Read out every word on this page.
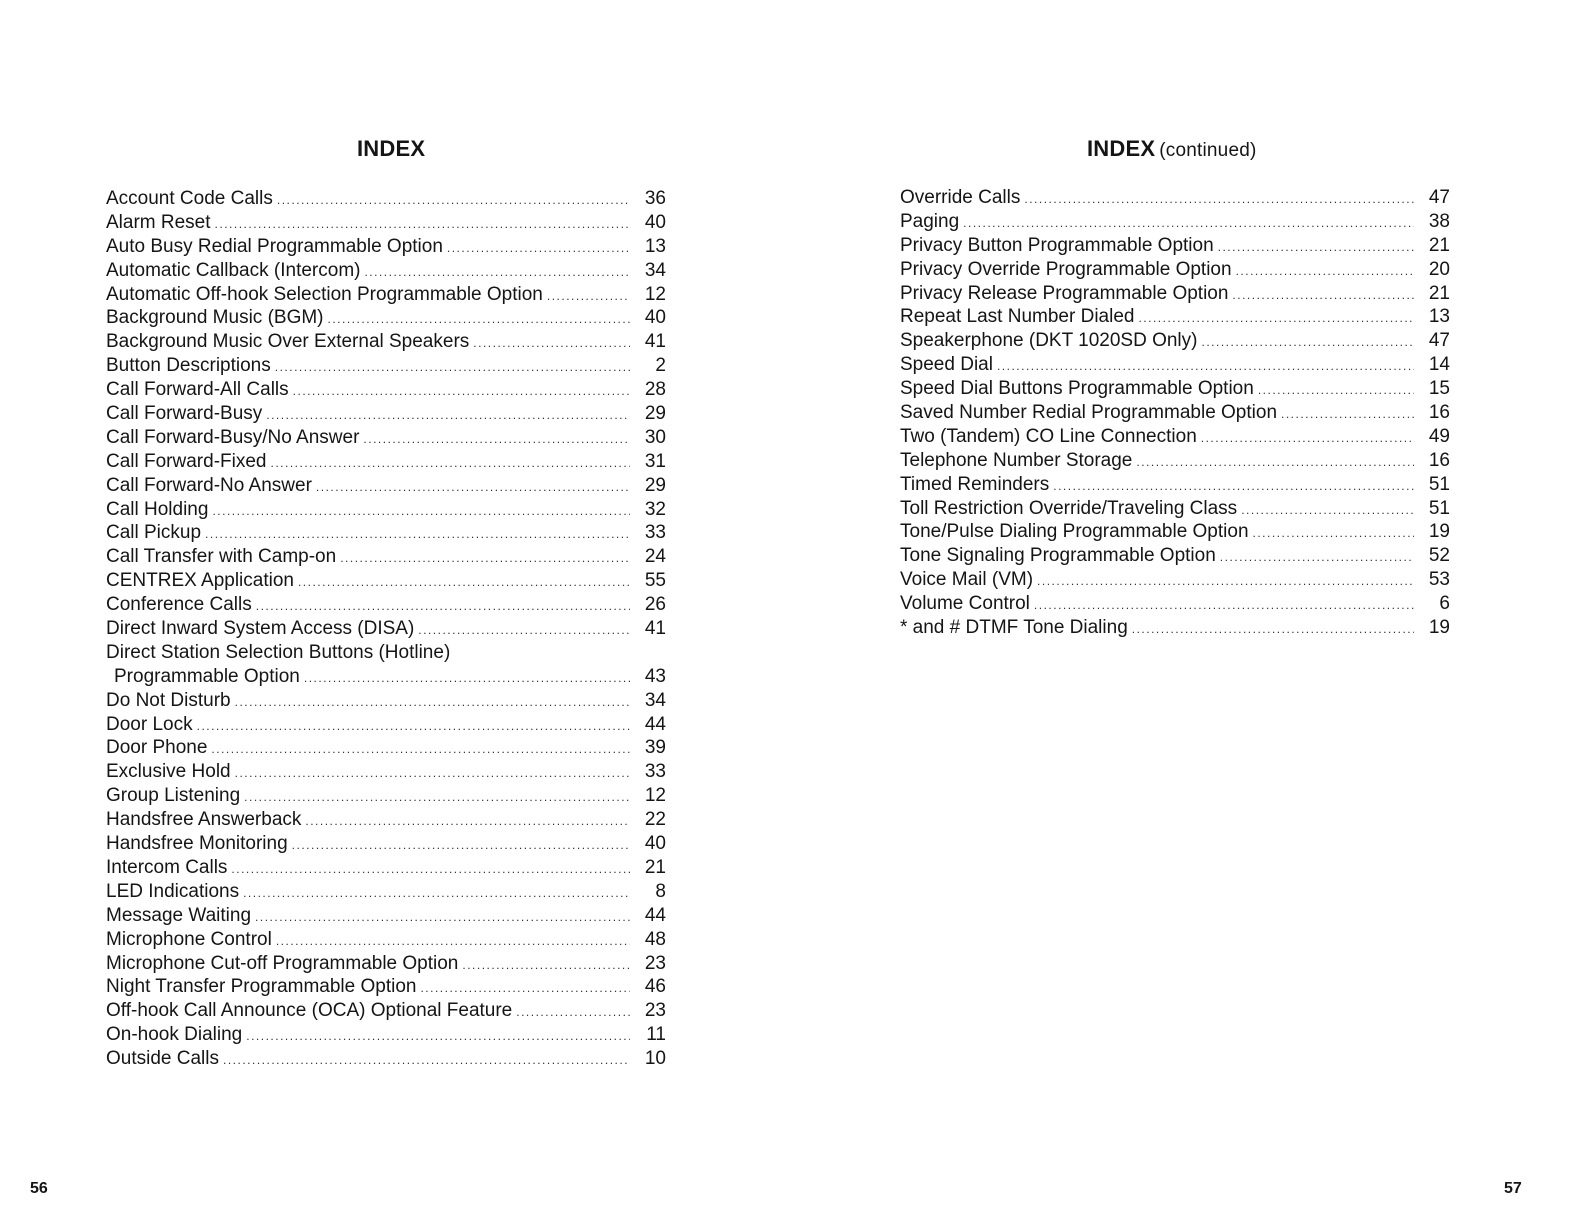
INDEX
Account Code Calls .....	36
Alarm Reset .....	40
Auto Busy Redial Programmable Option .....	13
Automatic Callback (Intercom) .....	34
Automatic Off-hook Selection Programmable Option .....	12
Background Music (BGM) .....	40
Background Music Over External Speakers .....	41
Button Descriptions .....	2
Call Forward-All Calls .....	28
Call Forward-Busy .....	29
Call Forward-Busy/No Answer .....	30
Call Forward-Fixed .....	31
Call Forward-No Answer .....	29
Call Holding .....	32
Call Pickup .....	33
Call Transfer with Camp-on .....	24
CENTREX Application .....	55
Conference Calls .....	26
Direct Inward System Access (DISA) .....	41
Direct Station Selection Buttons (Hotline)
Programmable Option .....	43
Do Not Disturb .....	34
Door Lock .....	44
Door Phone .....	39
Exclusive Hold .....	33
Group Listening .....	12
Handsfree Answerback .....	22
Handsfree Monitoring .....	40
Intercom Calls .....	21
LED Indications .....	8
Message Waiting .....	44
Microphone Control .....	48
Microphone Cut-off Programmable Option .....	23
Night Transfer Programmable Option .....	46
Off-hook Call Announce (OCA) Optional Feature .....	23
On-hook Dialing .....	11
Outside Calls .....	10
56
INDEX (continued)
Override Calls .....	47
Paging .....	38
Privacy Button Programmable Option .....	21
Privacy Override Programmable Option .....	20
Privacy Release Programmable Option .....	21
Repeat Last Number Dialed .....	13
Speakerphone (DKT 1020SD Only) .....	47
Speed Dial .....	14
Speed Dial Buttons Programmable Option .....	15
Saved Number Redial Programmable Option .....	16
Two (Tandem) CO Line Connection .....	49
Telephone Number Storage .....	16
Timed Reminders .....	51
Toll Restriction Override/Traveling Class .....	51
Tone/Pulse Dialing Programmable Option .....	19
Tone Signaling Programmable Option .....	52
Voice Mail (VM) .....	53
Volume Control .....	6
* and # DTMF Tone Dialing .....	19
57
